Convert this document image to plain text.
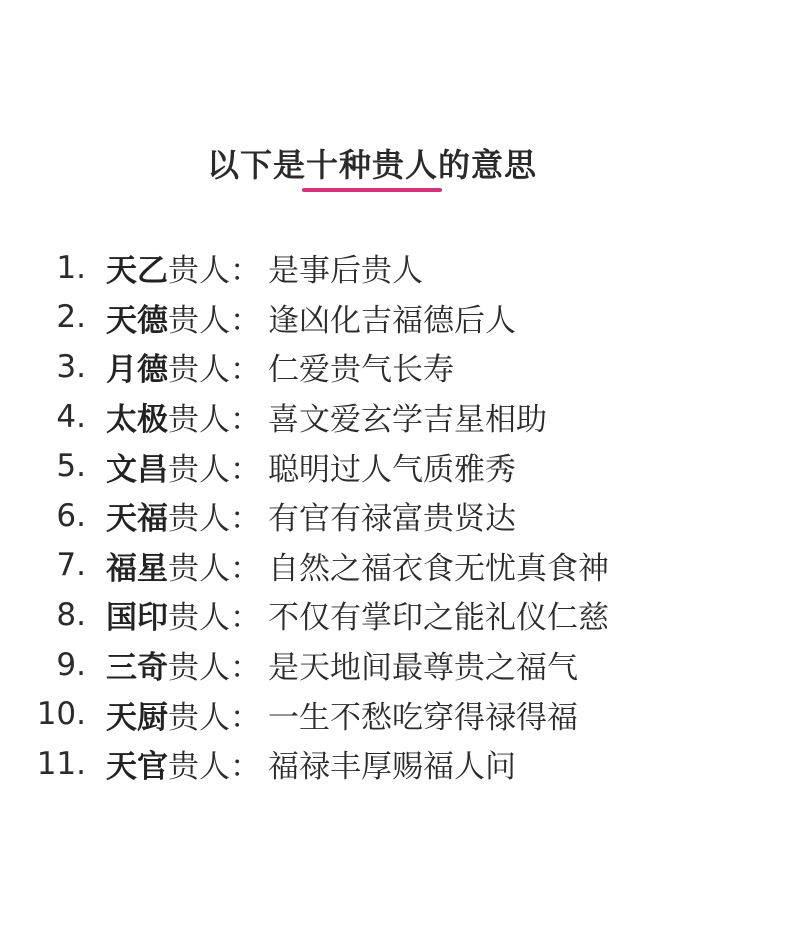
以下是十种贵人的意思
1. 天乙 贵人 ： 是事后贵人
2. 天德 贵人 ： 逢凶化吉福德后人
3. 月德 贵人 ： 仁爱贵气长寿
4. 太极 贵人 ： 喜文爱玄学吉星相助
5. 文昌 贵人 ： 聪明过人气质雅秀
6. 天福 贵人 ： 有官有禄富贵贤达
7. 福星 贵人 ： 自然之福衣食无忧真食神
8. 国印 贵人 ： 不仅有掌印之能礼仪仁慈
9. 三奇 贵人 ： 是天地间最尊贵之福气
10. 天厨 贵人 ： 一生不愁吃穿得禄得福
11. 天官 贵人 ： 福禄丰厚赐福人问
